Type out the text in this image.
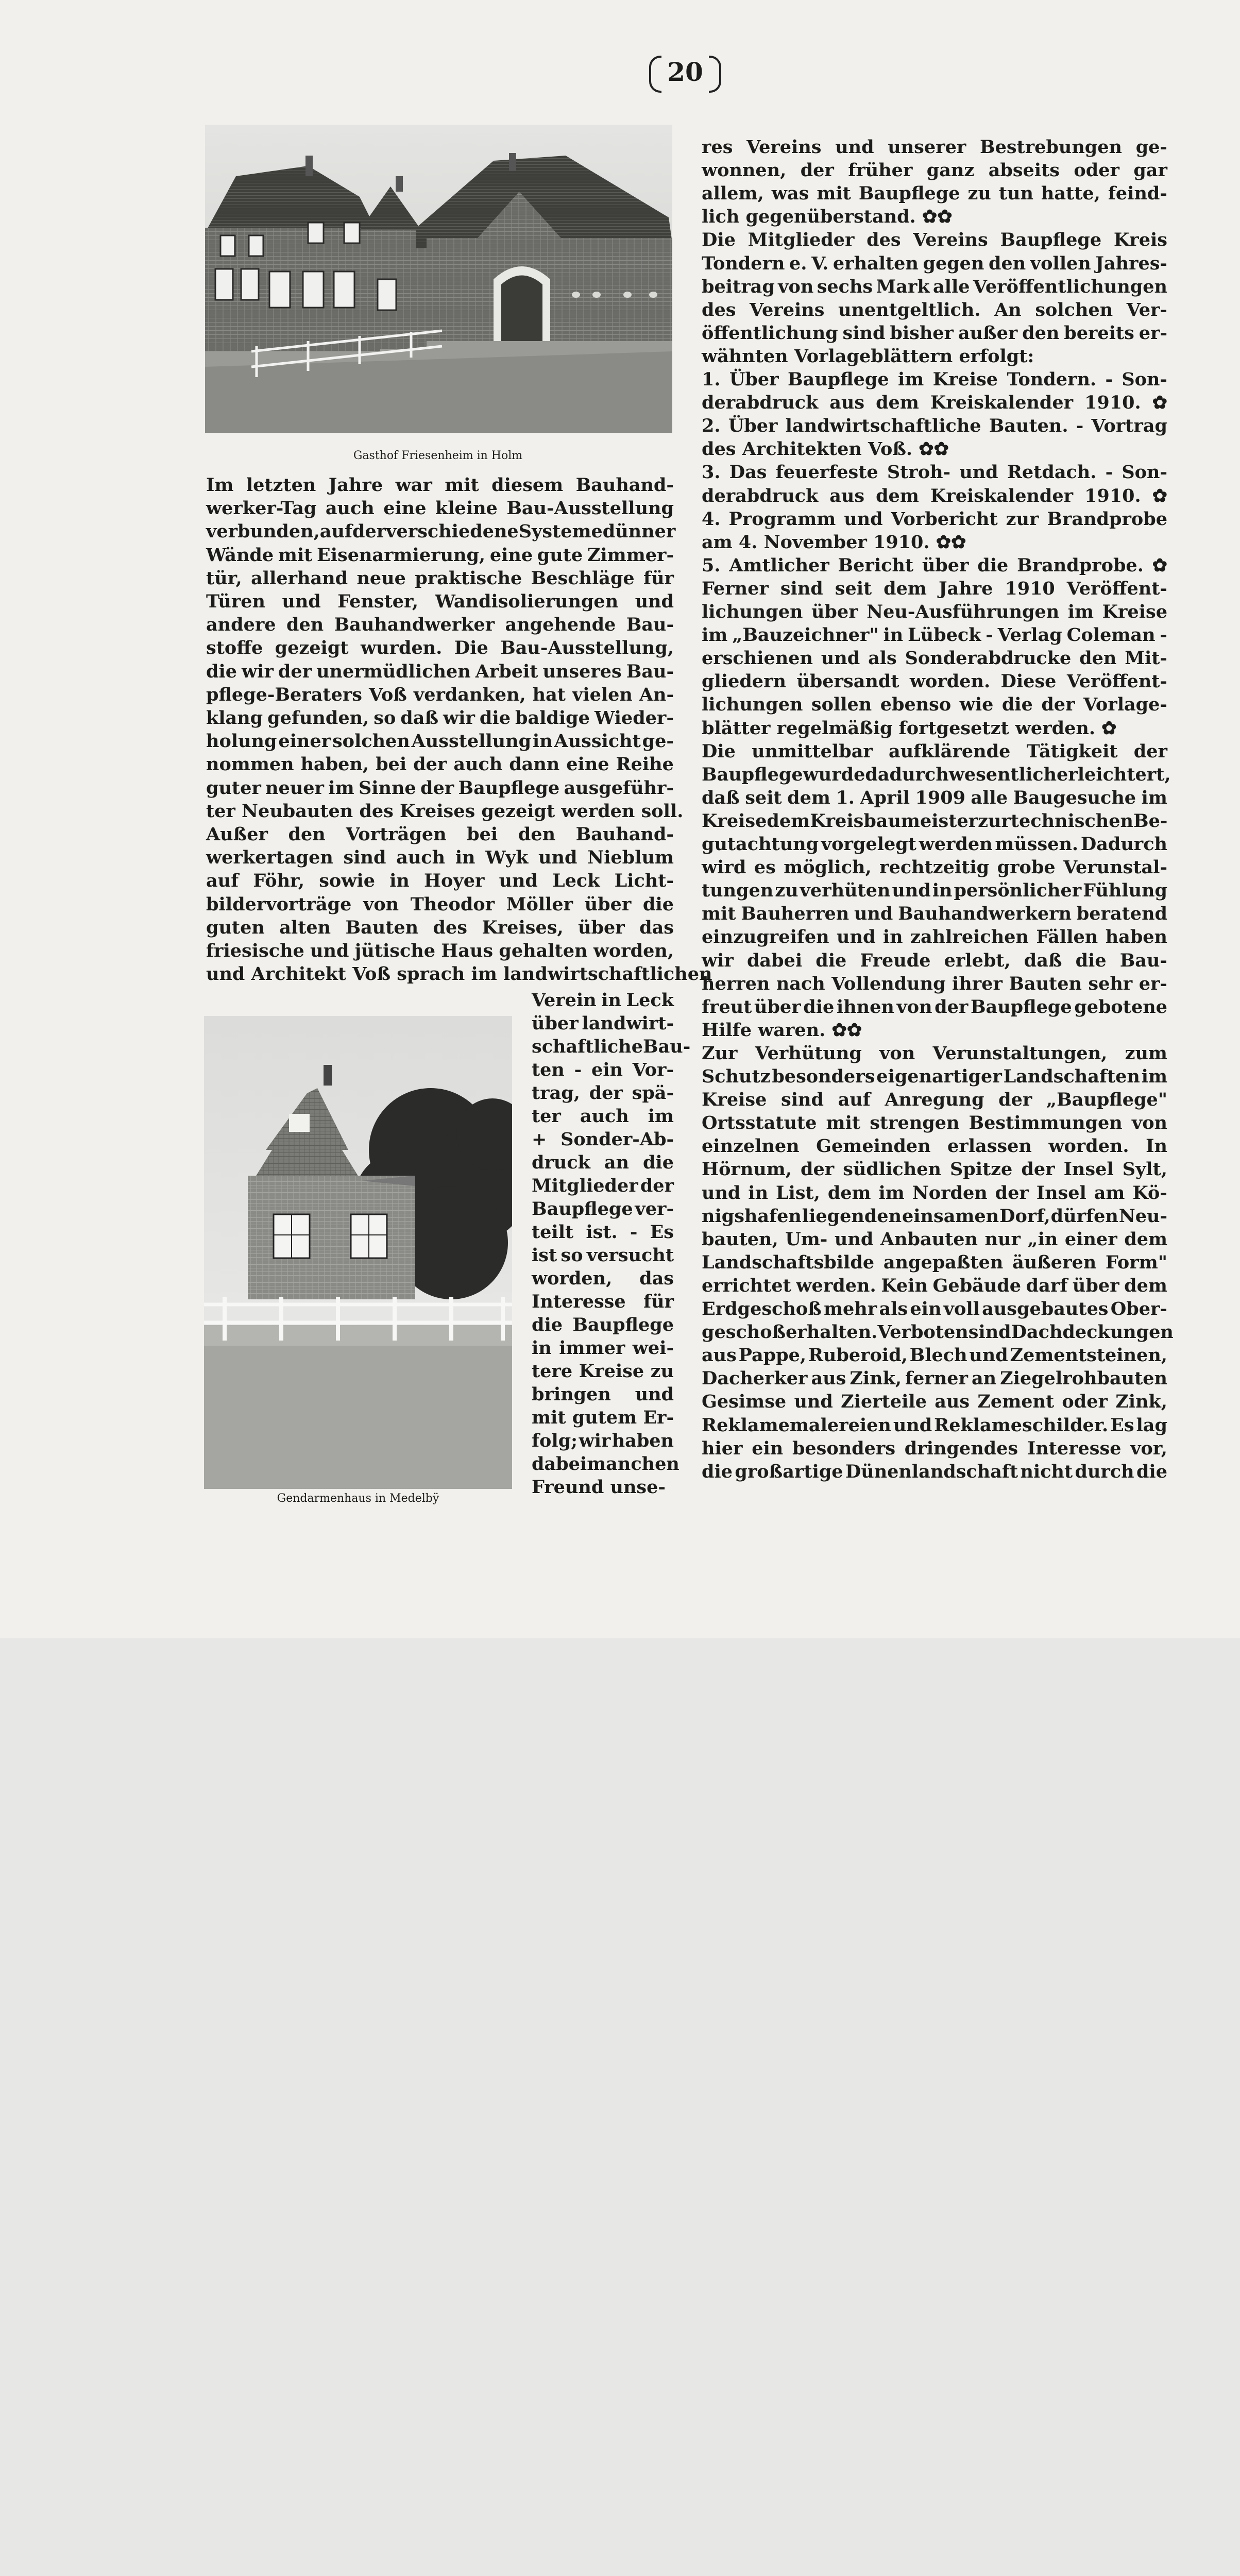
20
Gasthof Friesenheim in Holm
Gendarmenhaus in Medelbÿ
Im letzten Jahre war mit diesem Bauhand-
werker-Tag auch eine kleine Bau-Ausstellung
verbunden, auf der verschiedene Systeme dünner
Wände mit Eisenarmierung, eine gute Zimmer-
tür, allerhand neue praktische Beschläge für
Türen und Fenster, Wandisolierungen und
andere den Bauhandwerker angehende Bau-
stoffe gezeigt wurden. Die Bau-Ausstellung,
die wir der unermüdlichen Arbeit unseres Bau-
pflege-Beraters Voß verdanken, hat vielen An-
klang gefunden, so daß wir die baldige Wieder-
holung einer solchen Ausstellung in Aussicht ge-
nommen haben, bei der auch dann eine Reihe
guter neuer im Sinne der Baupflege ausgeführ-
ter Neubauten des Kreises gezeigt werden soll.
Außer den Vorträgen bei den Bauhand-
werkertagen sind auch in Wyk und Nieblum
auf Föhr, sowie in Hoyer und Leck Licht-
bildervorträge von Theodor Möller über die
guten alten Bauten des Kreises, über das
friesische und jütische Haus gehalten worden,
und Architekt Voß sprach im landwirtschaftlichen
Verein in Leck
über landwirt-
schaftliche Bau-
ten - ein Vor-
trag, der spä-
ter auch im
+ Sonder-Ab-
druck an die
Mitglieder der
Baupflege ver-
teilt ist. - Es
ist so versucht
worden, das
Interesse für
die Baupflege
in immer wei-
tere Kreise zu
bringen und
mit gutem Er-
folg; wir haben
dabei manchen
Freund unse-
res Vereins und unserer Bestrebungen ge-
wonnen, der früher ganz abseits oder gar
allem, was mit Baupflege zu tun hatte, feind-
lich gegenüberstand. ✿✿
Die Mitglieder des Vereins Baupflege Kreis
Tondern e. V. erhalten gegen den vollen Jahres-
beitrag von sechs Mark alle Veröffentlichungen
des Vereins unentgeltlich. An solchen Ver-
öffentlichung sind bisher außer den bereits er-
wähnten Vorlageblättern erfolgt:
1. Über Baupflege im Kreise Tondern. - Son-
derabdruck aus dem Kreiskalender 1910. ✿
2. Über landwirtschaftliche Bauten. - Vortrag
des Architekten Voß. ✿✿
3. Das feuerfeste Stroh- und Retdach. - Son-
derabdruck aus dem Kreiskalender 1910. ✿
4. Programm und Vorbericht zur Brandprobe
am 4. November 1910. ✿✿
5. Amtlicher Bericht über die Brandprobe. ✿
Ferner sind seit dem Jahre 1910 Veröffent-
lichungen über Neu-Ausführungen im Kreise
im „Bauzeichner" in Lübeck - Verlag Coleman -
erschienen und als Sonderabdrucke den Mit-
gliedern übersandt worden. Diese Veröffent-
lichungen sollen ebenso wie die der Vorlage-
blätter regelmäßig fortgesetzt werden. ✿
Die unmittelbar aufklärende Tätigkeit der
Baupflege wurde dadurch wesentlich erleichtert,
daß seit dem 1. April 1909 alle Baugesuche im
Kreise dem Kreisbaumeister zur technischen Be-
gutachtung vorgelegt werden müssen. Dadurch
wird es möglich, rechtzeitig grobe Verunstal-
tungen zu verhüten und in persönlicher Fühlung
mit Bauherren und Bauhandwerkern beratend
einzugreifen und in zahlreichen Fällen haben
wir dabei die Freude erlebt, daß die Bau-
herren nach Vollendung ihrer Bauten sehr er-
freut über die ihnen von der Baupflege gebotene
Hilfe waren. ✿✿
Zur Verhütung von Verunstaltungen, zum
Schutz besonders eigenartiger Landschaften im
Kreise sind auf Anregung der „Baupflege"
Ortsstatute mit strengen Bestimmungen von
einzelnen Gemeinden erlassen worden. In
Hörnum, der südlichen Spitze der Insel Sylt,
und in List, dem im Norden der Insel am Kö-
nigshafen liegenden einsamen Dorf, dürfen Neu-
bauten, Um- und Anbauten nur „in einer dem
Landschaftsbilde angepaßten äußeren Form"
errichtet werden. Kein Gebäude darf über dem
Erdgeschoß mehr als ein voll ausgebautes Ober-
geschoß erhalten. Verboten sind Dachdeckungen
aus Pappe, Ruberoid, Blech und Zementsteinen,
Dacherker aus Zink, ferner an Ziegelrohbauten
Gesimse und Zierteile aus Zement oder Zink,
Reklamemalereien und Reklameschilder. Es lag
hier ein besonders dringendes Interesse vor,
die großartige Dünenlandschaft nicht durch die
